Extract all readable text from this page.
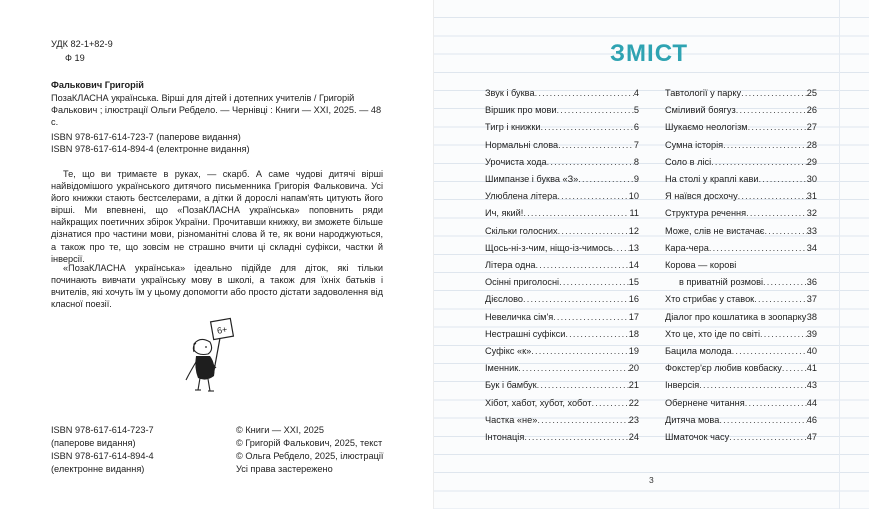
УДК 82-1+82-9
Ф 19
Фалькович Григорій
ПозаКЛАСНА українська. Вірші для дітей і дотепних учителів / Григорій Фалькович ; ілюстрації Ольги Ребдело. — Чернівці : Книги — XXI, 2025. — 48 с.
ISBN 978-617-614-723-7 (паперове видання)
ISBN 978-617-614-894-4 (електронне видання)
Те, що ви тримаєте в руках, — скарб. А саме чудові дитячі вірші найвідомішого українського дитячого письменника Григорія Фальковича. Усі його книжки стають бестселерами, а дітки й дорослі напам'ять цитують його вірші. Ми впевнені, що «ПозаКЛАСНА українська» поповнить ряди найкращих поетичних збірок України. Прочитавши книжку, ви зможете більше дізнатися про частини мови, різноманітні слова й те, як вони народжуються, а також про те, що зовсім не страшно вчити ці складні суфікси, частки й інверсії.
«ПозаКЛАСНА українська» ідеально підійде для діток, які тільки починають вивчати українську мову в школі, а також для їхніх батьків і вчителів, які хочуть їм у цьому допомогти або просто дістати задоволення від класної поезії.
6+
ISBN 978-617-614-723-7
(паперове видання)
ISBN 978-617-614-894-4
(електронне видання)
© Книги — XXI, 2025
© Григорій Фалькович, 2025, текст
© Ольга Ребдело, 2025, ілюстрації
Усі права застережено
ЗМІСТ
Звук і буква .....	4
Віршик про мови .....	5
Тигр і книжки .....	6
Нормальні слова .....	7
Урочиста хода .....	8
Шимпанзе і буква «З» .....	9
Улюблена літера .....	10
Ич, який! .....	11
Скільки голосних .....	12
Щось-ні-з-чим, ніщо-із-чимось ..... 13
Літера одна .....	14
Осінні приголосні .....	15
Дієслово .....	16
Невеличка сім'я .....	17
Нестрашні суфікси .....	18
Суфікс «к» .....	19
Іменник .....	20
Бук і бамбук .....	21
Хібот, хабот, хубот, хобот .....	22
Частка «не» .....	23
Інтонація .....	24
Тавтології у парку .....	25
Сміливий боягуз .....	26
Шукаємо неологізм .....	27
Сумна історія .....	28
Соло в лісі .....	29
На столі у краплі кави .....	30
Я наївся досхочу .....	31
Структура речення .....	32
Може, слів не вистачає .....	33
Кара-чера .....	34
Корова — корові
в приватній розмові .....	36
Хто стрибає у ставок .....	37
Діалог про кошлатика в зоопарку ..... 38
Хто це, хто іде по світі .....	39
Бацила молода .....	40
Фокстер'єр любив ковбаску .....	41
Інверсія .....	43
Обернене читання .....	44
Дитяча мова .....	46
Шматочок часу .....	47
3
